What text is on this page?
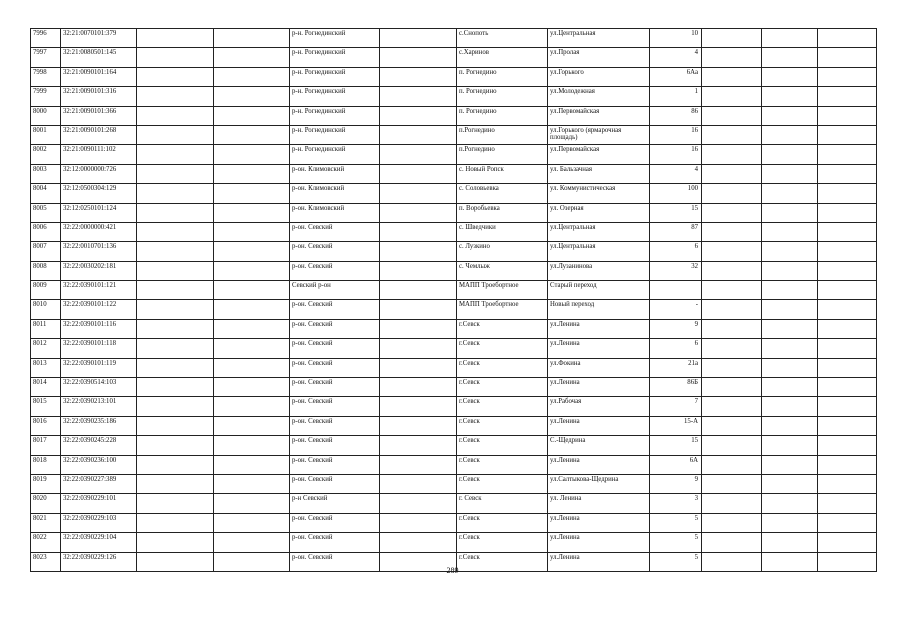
7996	32:21:0070101:379			р-н. Рогнединский		с.Снопоть	ул.Центральная	10			
7997	32:21:0080501:145			р-н. Рогнединский		с.Харинов	ул.Пролая	4			
7998	32:21:0090101:164			р-н. Рогнединский		п. Рогнедино	ул.Горького	6Аа			
7999	32:21:0090101:316			р-н. Рогнединский		п. Рогнедино	ул.Молодежная	1			
8000	32:21:0090101:366			р-н. Рогнединский		п. Рогнедино	ул.Первомайская	86			
8001	32:21:0090101:268			р-н. Рогнединский		п.Рогнедино	ул.Горького (ярмарочная площадь)	16			
8002	32:21:0090111:102			р-н. Рогнединский		п.Рогнедино	ул.Первомайская	16			
8003	32:12:0000000:726			р-он. Климовский		с. Новый Ропск	ул. Бальзачная	4			
8004	32:12:0500304:129			р-он. Климовский		с. Соловьевка	ул. Коммунистическая	100			
8005	32:12:0250101:124			р-он. Климовский		п. Воробьевка	ул. Озерная	15			
8006	32:22:0000000:421			р-он. Севский		с. Шведчики	ул.Центральная	87			
8007	32:22:0010701:136			р-он. Севский		с. Лузкино	ул.Центральная	6			
8008	32:22:0030202:181			р-он. Севский		с. Чемлыж	ул.Лузанинова	32			
8009	32:22:0390101:121			Севский р-он		МАПП Троебортное	Старый переход				
8010	32:22:0390101:122			р-он. Севский		МАПП Троебортное	Новый переход	-			
8011	32:22:0390101:116			р-он. Севский		г.Севск	ул.Ленина	9			
8012	32:22:0390101:118			р-он. Севский		г.Севск	ул.Ленина	6			
8013	32:22:0390101:119			р-он. Севский		г.Севск	ул.Фокина	21а			
8014	32:22:0390514:103			р-он. Севский		г.Севск	ул.Ленина	86Б			
8015	32:22:0390213:101			р-он. Севский		г.Севск	ул.Рабочая	7			
8016	32:22:0390235:186			р-он. Севский		г.Севск	ул.Ленина	15-А			
8017	32:22:0390245:228			р-он. Севский		г.Севск	С.-Щедрина	15			
8018	32:22:0390236:100			р-он. Севский		г.Севск	ул.Ленина	6А			
8019	32:22:0390227:389			р-он. Севский		г.Севск	ул.Салтыкова-Щедрина	9			
8020	32:22:0390229:101			р-н Севский		г. Севск	ул. Ленина	3			
8021	32:22:0390229:103			р-он. Севский		г.Севск	ул.Ленина	5			
8022	32:22:0390229:104			р-он. Севский		г.Севск	ул.Ленина	5			
8023	32:22:0390229:126			р-он. Севский		г.Севск	ул.Ленина	5			
289
